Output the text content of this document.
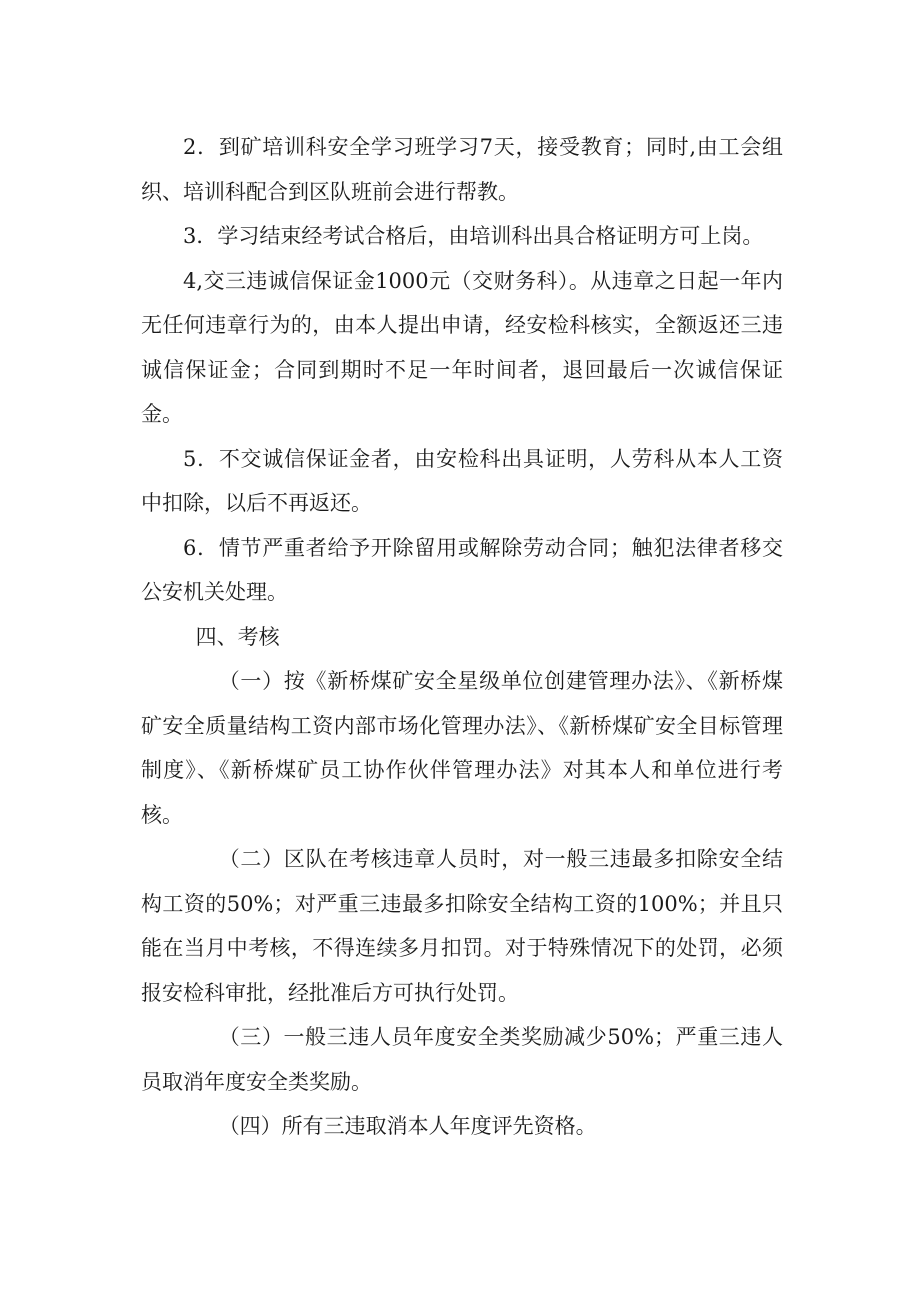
2．到矿培训科安全学习班学习7天，接受教育；同时,由工会组织、培训科配合到区队班前会进行帮教。

3．学习结束经考试合格后，由培训科出具合格证明方可上岗。

4,交三违诚信保证金1000元（交财务科）。从违章之日起一年内无任何违章行为的，由本人提出申请，经安检科核实，全额返还三违诚信保证金；合同到期时不足一年时间者，退回最后一次诚信保证金。

5．不交诚信保证金者，由安检科出具证明，人劳科从本人工资中扣除，以后不再返还。

6．情节严重者给予开除留用或解除劳动合同；触犯法律者移交公安机关处理。

四、考核

（一）按《新桥煤矿安全星级单位创建管理办法》、《新桥煤矿安全质量结构工资内部市场化管理办法》、《新桥煤矿安全目标管理制度》、《新桥煤矿员工协作伙伴管理办法》对其本人和单位进行考核。

（二）区队在考核违章人员时，对一般三违最多扣除安全结构工资的50%；对严重三违最多扣除安全结构工资的100%；并且只能在当月中考核，不得连续多月扣罚。对于特殊情况下的处罚，必须报安检科审批，经批准后方可执行处罚。

（三）一般三违人员年度安全类奖励减少50%；严重三违人员取消年度安全类奖励。

（四）所有三违取消本人年度评先资格。
